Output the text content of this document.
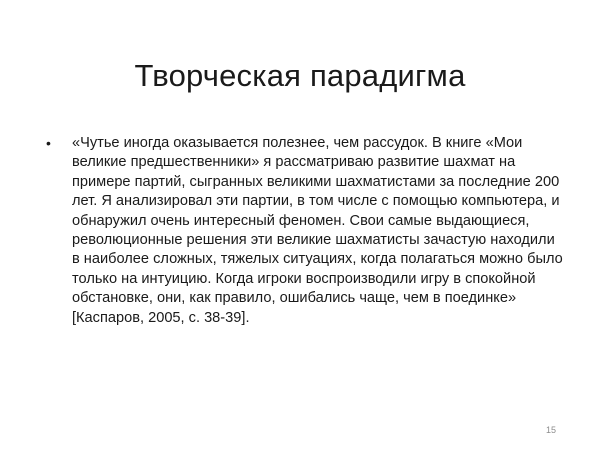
Творческая парадигма
• «Чутье иногда оказывается полезнее, чем рассудок. В книге «Мои великие предшественники» я рассматриваю развитие шахмат на примере партий, сыгранных великими шахматистами за последние 200 лет. Я анализировал эти партии, в том числе с помощью компьютера, и обнаружил очень интересный феномен. Свои самые выдающиеся, революционные решения эти великие шахматисты зачастую находили в наиболее сложных, тяжелых ситуациях, когда полагаться можно было только на интуицию. Когда игроки воспроизводили игру в спокойной обстановке, они, как правило, ошибались чаще, чем в поединке» [Каспаров, 2005, с. 38-39].
15
